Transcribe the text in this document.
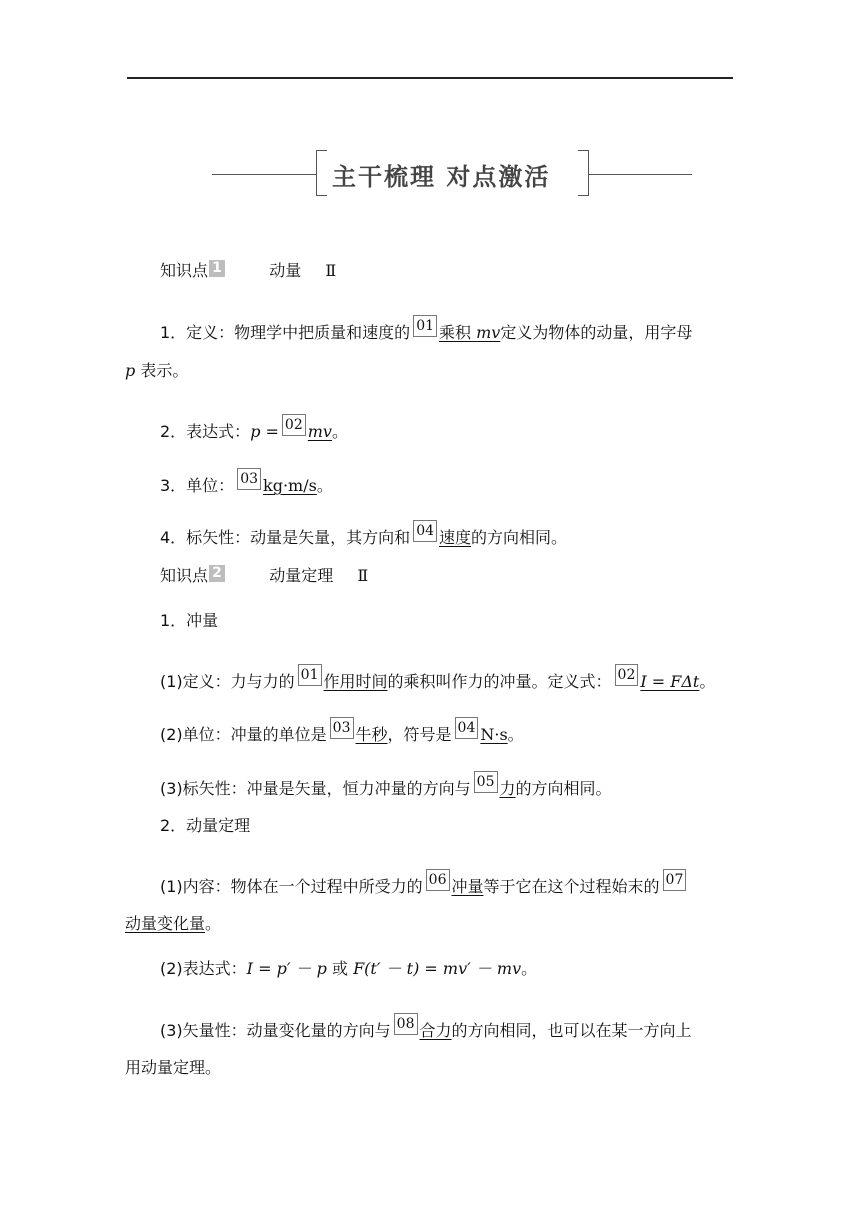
主干梳理 对点激活
知识点 1	动量 Ⅱ
1．定义：物理学中把质量和速度的 01 乘积 mv定义为物体的动量，用字母
p 表示。
2．表达式：p = 02 mv。
3．单位： 03 kg·m/s。
4．标矢性：动量是矢量，其方向和 04 速度的方向相同。
知识点 2	动量定理 Ⅱ
1．冲量
(1)定义：力与力的 01 作用时间的乘积叫作力的冲量。定义式： 02 I = FΔt。
(2)单位：冲量的单位是 03 牛秒，符号是 04 N·s。
(3)标矢性：冲量是矢量，恒力冲量的方向与 05 力的方向相同。
2．动量定理
(1)内容：物体在一个过程中所受力的 06 冲量等于它在这个过程始末的 07
动量变化量。
(2)表达式：I = p′ － p 或 F(t′ － t) = mv′ － mv。
(3)矢量性：动量变化量的方向与 08 合力的方向相同，也可以在某一方向上
用动量定理。
